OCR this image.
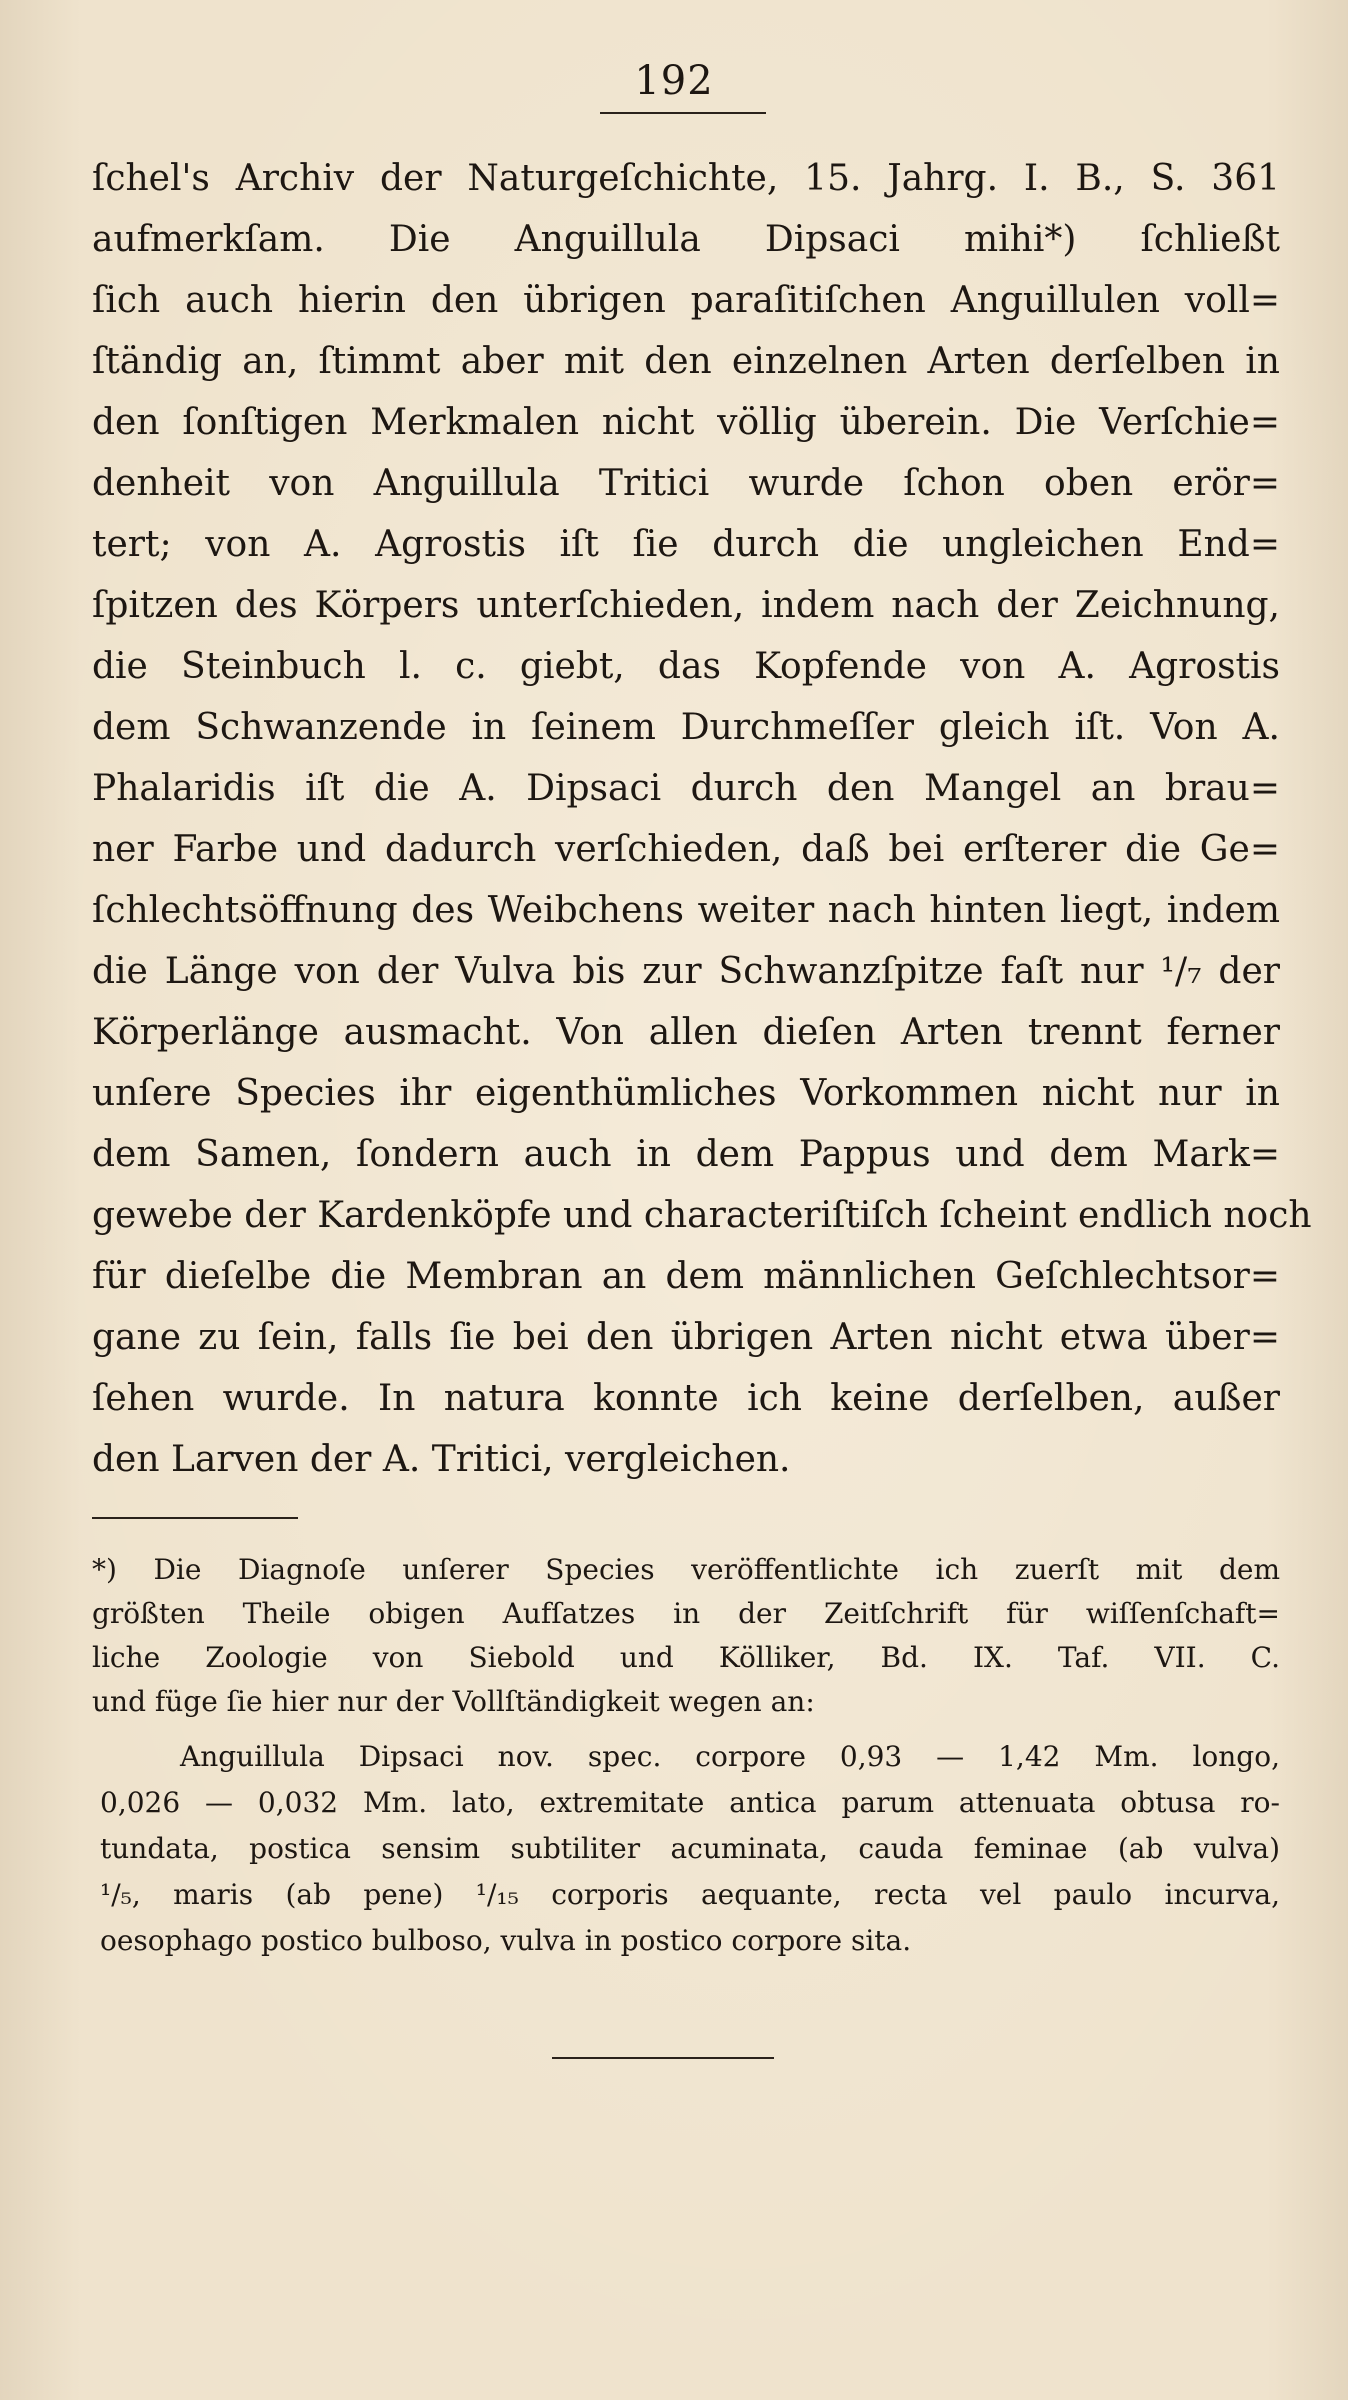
192
ſchel's Archiv der Naturgeſchichte, 15. Jahrg. I. B., S. 361
aufmerkſam. Die Anguillula Dipsaci mihi*) ſchließt
ſich auch hierin den übrigen paraſitiſchen Anguillulen voll=
ſtändig an, ſtimmt aber mit den einzelnen Arten derſelben in
den ſonſtigen Merkmalen nicht völlig überein. Die Verſchie=
denheit von Anguillula Tritici wurde ſchon oben erör=
tert; von A. Agrostis iſt ſie durch die ungleichen End=
ſpitzen des Körpers unterſchieden, indem nach der Zeichnung,
die Steinbuch l. c. giebt, das Kopfende von A. Agrostis
dem Schwanzende in ſeinem Durchmeſſer gleich iſt. Von A.
Phalaridis iſt die A. Dipsaci durch den Mangel an brau=
ner Farbe und dadurch verſchieden, daß bei erſterer die Ge=
ſchlechtsöffnung des Weibchens weiter nach hinten liegt, indem
die Länge von der Vulva bis zur Schwanzſpitze faſt nur ¹/₇ der
Körperlänge ausmacht. Von allen dieſen Arten trennt ferner
unſere Species ihr eigenthümliches Vorkommen nicht nur in
dem Samen, ſondern auch in dem Pappus und dem Mark=
gewebe der Kardenköpfe und characteriſtiſch ſcheint endlich noch
für dieſelbe die Membran an dem männlichen Geſchlechtsor=
gane zu ſein, falls ſie bei den übrigen Arten nicht etwa über=
ſehen wurde. In natura konnte ich keine derſelben, außer
den Larven der A. Tritici, vergleichen.
*) Die Diagnoſe unſerer Species veröffentlichte ich zuerſt mit dem
größten Theile obigen Aufſatzes in der Zeitſchrift für wiſſenſchaft=
liche Zoologie von Siebold und Kölliker, Bd. IX. Taf. VII. C.
und füge ſie hier nur der Vollſtändigkeit wegen an:
Anguillula Dipsaci nov. spec. corpore 0,93 — 1,42 Mm. longo,
0,026 — 0,032 Mm. lato, extremitate antica parum attenuata obtusa ro-
tundata, postica sensim subtiliter acuminata, cauda feminae (ab vulva)
¹/₅, maris (ab pene) ¹/₁₅ corporis aequante, recta vel paulo incurva,
oesophago postico bulboso, vulva in postico corpore sita.
